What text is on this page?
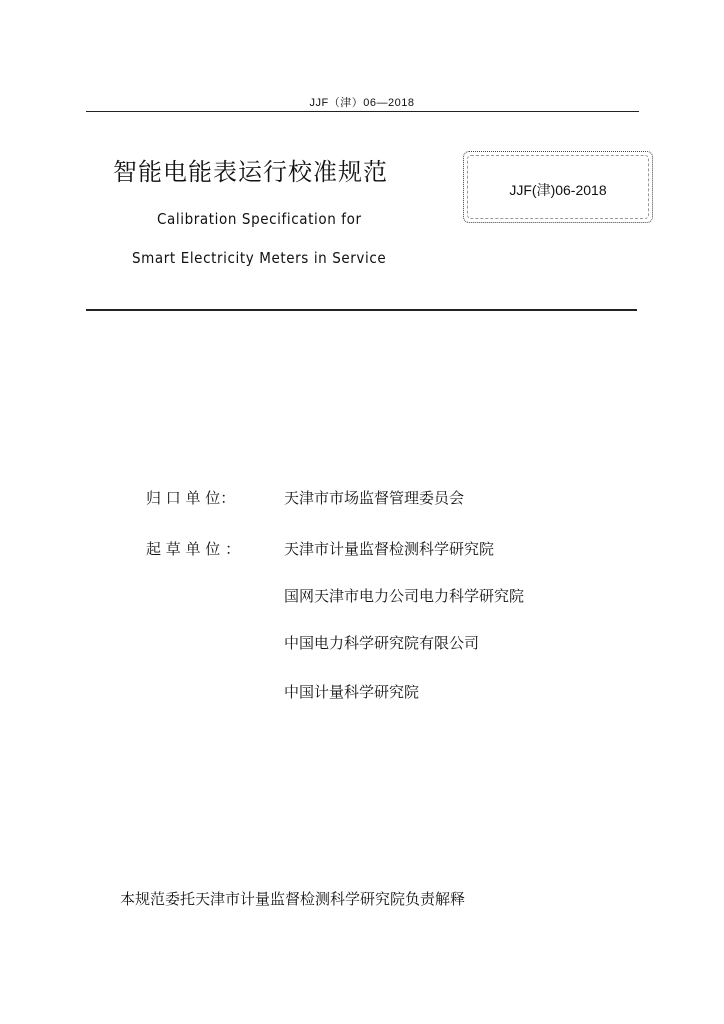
JJF（津）06—2018
智能电能表运行校准规范
JJF(津)06-2018
Calibration Specification for
Smart Electricity Meters in Service
归 口 单 位：	天津市市场监督管理委员会
起 草 单 位 ：	天津市计量监督检测科学研究院
国网天津市电力公司电力科学研究院
中国电力科学研究院有限公司
中国计量科学研究院
本规范委托天津市计量监督检测科学研究院负责解释
